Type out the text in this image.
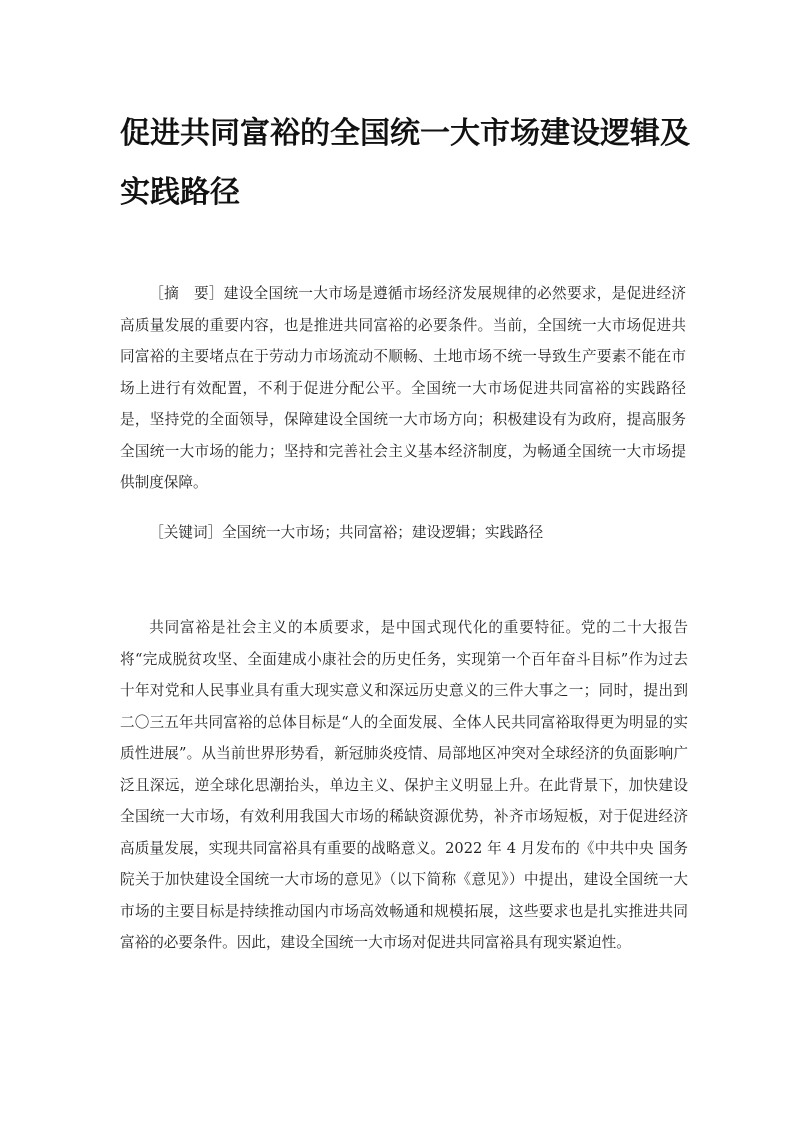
促进共同富裕的全国统一大市场建设逻辑及实践路径

［摘　要］建设全国统一大市场是遵循市场经济发展规律的必然要求，是促进经济高质量发展的重要内容，也是推进共同富裕的必要条件。当前，全国统一大市场促进共同富裕的主要堵点在于劳动力市场流动不顺畅、土地市场不统一导致生产要素不能在市场上进行有效配置，不利于促进分配公平。全国统一大市场促进共同富裕的实践路径是，坚持党的全面领导，保障建设全国统一大市场方向；积极建设有为政府，提高服务全国统一大市场的能力；坚持和完善社会主义基本经济制度，为畅通全国统一大市场提供制度保障。

［关键词］全国统一大市场；共同富裕；建设逻辑；实践路径

共同富裕是社会主义的本质要求，是中国式现代化的重要特征。党的二十大报告将“完成脱贫攻坚、全面建成小康社会的历史任务，实现第一个百年奋斗目标”作为过去十年对党和人民事业具有重大现实意义和深远历史意义的三件大事之一；同时，提出到二〇三五年共同富裕的总体目标是“人的全面发展、全体人民共同富裕取得更为明显的实质性进展”。从当前世界形势看，新冠肺炎疫情、局部地区冲突对全球经济的负面影响广泛且深远，逆全球化思潮抬头，单边主义、保护主义明显上升。在此背景下，加快建设全国统一大市场，有效利用我国大市场的稀缺资源优势，补齐市场短板，对于促进经济高质量发展，实现共同富裕具有重要的战略意义。2022 年 4 月发布的《中共中央 国务院关于加快建设全国统一大市场的意见》（以下简称《意见》）中提出，建设全国统一大市场的主要目标是持续推动国内市场高效畅通和规模拓展，这些要求也是扎实推进共同富裕的必要条件。因此，建设全国统一大市场对促进共同富裕具有现实紧迫性。
